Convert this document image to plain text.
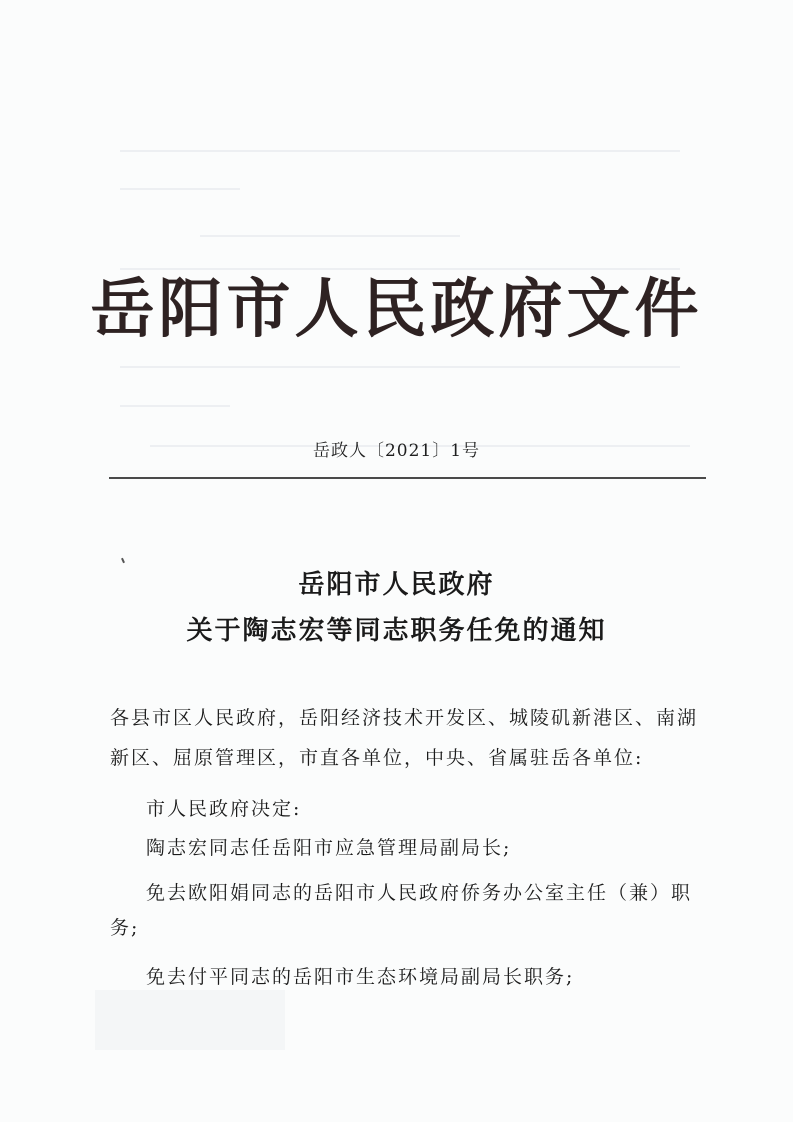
岳阳市人民政府文件
岳政人〔2021〕1号
岳阳市人民政府
关于陶志宏等同志职务任免的通知
各县市区人民政府，岳阳经济技术开发区、城陵矶新港区、南湖新区、屈原管理区，市直各单位，中央、省属驻岳各单位:
市人民政府决定:
陶志宏同志任岳阳市应急管理局副局长;
免去欧阳娟同志的岳阳市人民政府侨务办公室主任（兼）职
务;
免去付平同志的岳阳市生态环境局副局长职务;
